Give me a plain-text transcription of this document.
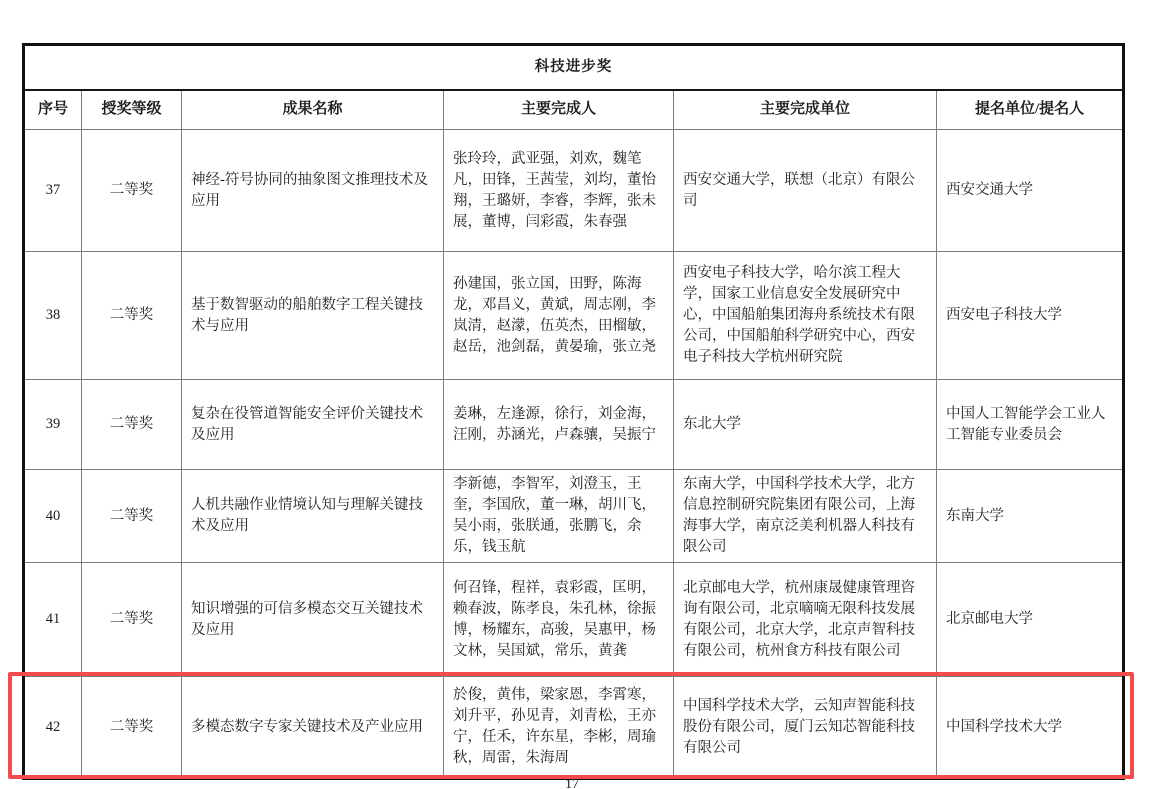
科技进步奖					
序号	授奖等级	成果名称	主要完成人	主要完成单位	提名单位/提名人
37	二等奖	神经-符号协同的抽象图文推理技术及应用	张玲玲，武亚强，刘欢，魏笔凡，田锋，王茜莹，刘均，董怡翔，王璐妍，李睿，李辉，张未展，董博，闫彩霞，朱春强	西安交通大学，联想（北京）有限公司	西安交通大学
38	二等奖	基于数智驱动的船舶数字工程关键技术与应用	孙建国，张立国，田野，陈海龙，邓昌义，黄斌，周志刚，李岚清，赵濛，伍英杰，田榴敏，赵岳，池剑磊，黄晏瑜，张立尧	西安电子科技大学，哈尔滨工程大学，国家工业信息安全发展研究中心，中国船舶集团海舟系统技术有限公司，中国船舶科学研究中心，西安电子科技大学杭州研究院	西安电子科技大学
39	二等奖	复杂在役管道智能安全评价关键技术及应用	姜琳，左逢源，徐行，刘金海，汪刚，苏涵光，卢森骧，吴振宁	东北大学	中国人工智能学会工业人工智能专业委员会
40	二等奖	人机共融作业情境认知与理解关键技术及应用	李新德，李智军，刘澄玉，王奎，李国欣，董一琳，胡川飞，吴小雨，张朕通，张鹏飞，余乐，钱玉航	东南大学，中国科学技术大学，北方信息控制研究院集团有限公司，上海海事大学，南京泛美利机器人科技有限公司	东南大学
41	二等奖	知识增强的可信多模态交互关键技术及应用	何召锋，程祥，袁彩霞，匡明，赖春波，陈孝良，朱孔林，徐振博，杨耀东，高骏，吴惠甲，杨文林，吴国斌，常乐，黄龚	北京邮电大学，杭州康晟健康管理咨询有限公司，北京嘀嘀无限科技发展有限公司，北京大学，北京声智科技有限公司，杭州食方科技有限公司	北京邮电大学
42	二等奖	多模态数字专家关键技术及产业应用	於俊，黄伟，梁家恩，李霄寒，刘升平，孙见青，刘青松，王亦宁，任禾，许东星，李彬，周瑜秋，周雷，朱海周	中国科学技术大学，云知声智能科技股份有限公司，厦门云知芯智能科技有限公司	中国科学技术大学
17
